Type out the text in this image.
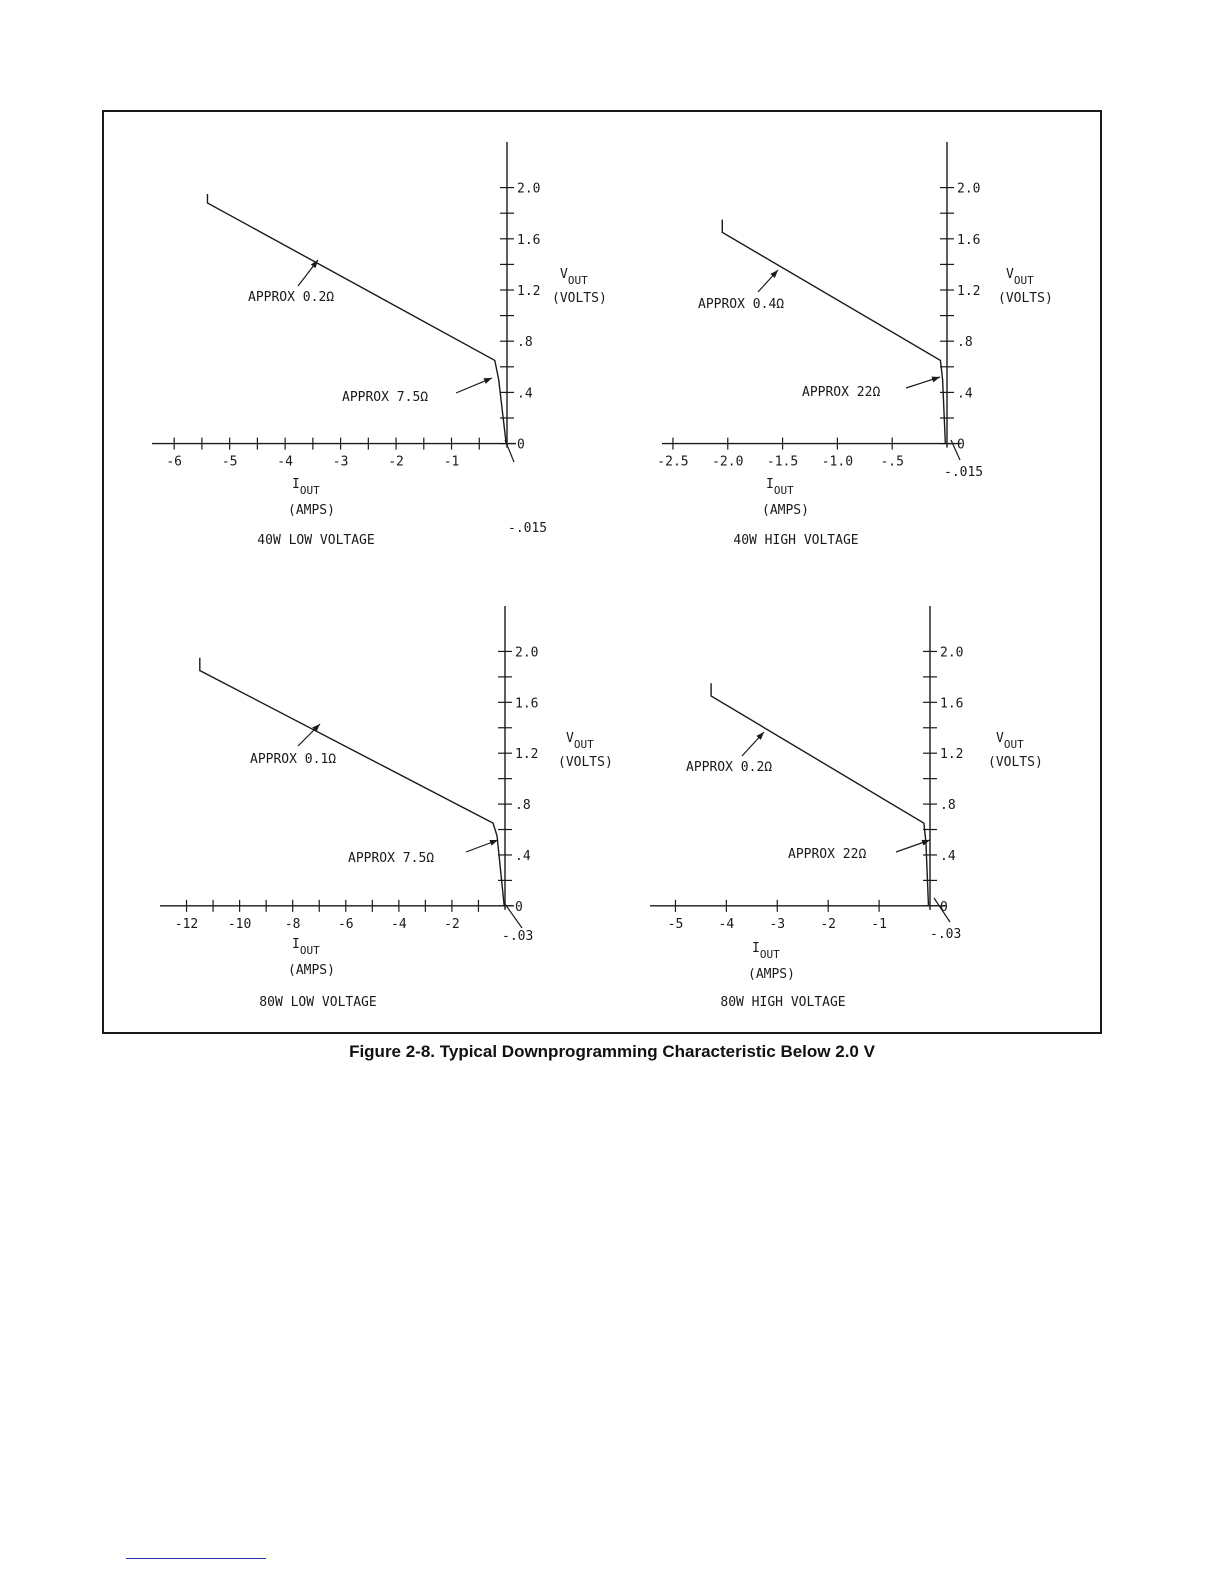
-6	-5	-4	-3	-2	-1
0
.4
.8
1.2
1.6
2.0
$V_{OUT}$
(VOLTS)
$I_{OUT}$
(AMPS)
APPROX 0.2Ω
APPROX 7.5Ω
-.015
40W LOW VOLTAGE
-2.5 -2.0 -1.5 -1.0 -.5
0
.4
.8
1.2
1.6
2.0
$V_{OUT}$
(VOLTS)
$I_{OUT}$
(AMPS)
APPROX 0.4Ω
APPROX 22Ω
-.015
40W HIGH VOLTAGE
-12 -10	-8	-6	-4	-2
0
.4
.8
1.2
1.6
2.0
$V_{OUT}$
(VOLTS)
$I_{OUT}$
(AMPS)
APPROX 0.1Ω
APPROX 7.5Ω
-.03
80W LOW VOLTAGE
-5	-4	-3	-2	-1
0
.4
.8
1.2
1.6
2.0
$V_{OUT}$
(VOLTS)
$I_{OUT}$
(AMPS)
APPROX 0.2Ω
APPROX 22Ω
-.03
80W HIGH VOLTAGE
Figure 2-8. Typical Downprogramming Characteristic Below 2.0 V
